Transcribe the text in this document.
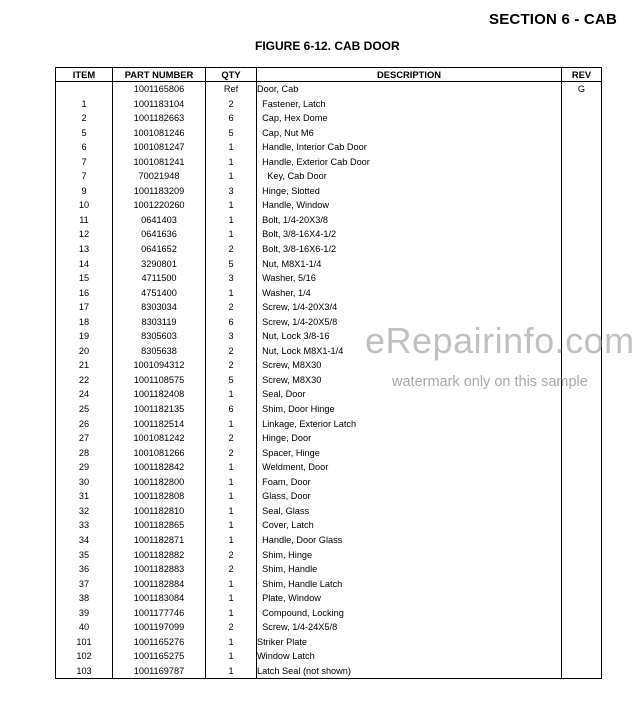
SECTION 6 - CAB
FIGURE 6-12. CAB DOOR
ITEM	PART NUMBER	QTY	DESCRIPTION	REV
	1001165806	Ref	Door, Cab	G
1	1001183104	2	Fastener, Latch	
2	1001182663	6	Cap, Hex Dome	
5	1001081246	5	Cap, Nut M6	
6	1001081247	1	Handle, Interior Cab Door	
7	1001081241	1	Handle, Exterior Cab Door	
7	70021948	1	Key, Cab Door	
9	1001183209	3	Hinge, Slotted	
10	1001220260	1	Handle, Window	
11	0641403	1	Bolt, 1/4-20X3/8	
12	0641636	1	Bolt, 3/8-16X4-1/2	
13	0641652	2	Bolt, 3/8-16X6-1/2	
14	3290801	5	Nut, M8X1-1/4	
15	4711500	3	Washer, 5/16	
16	4751400	1	Washer, 1/4	
17	8303034	2	Screw, 1/4-20X3/4	
18	8303119	6	Screw, 1/4-20X5/8	
19	8305603	3	Nut, Lock 3/8-16	
20	8305638	2	Nut, Lock M8X1-1/4	
21	1001094312	2	Screw, M8X30	
22	1001108575	5	Screw, M8X30	
24	1001182408	1	Seal, Door	
25	1001182135	6	Shim, Door Hinge	
26	1001182514	1	Linkage, Exterior Latch	
27	1001081242	2	Hinge, Door	
28	1001081266	2	Spacer, Hinge	
29	1001182842	1	Weldment, Door	
30	1001182800	1	Foam, Door	
31	1001182808	1	Glass, Door	
32	1001182810	1	Seal, Glass	
33	1001182865	1	Cover, Latch	
34	1001182871	1	Handle, Door Glass	
35	1001182882	2	Shim, Hinge	
36	1001182883	2	Shim, Handle	
37	1001182884	1	Shim, Handle Latch	
38	1001183084	1	Plate, Window	
39	1001177746	1	Compound, Locking	
40	1001197099	2	Screw, 1/4-24X5/8	
101	1001165276	1	Striker Plate	
102	1001165275	1	Window Latch	
103	1001169787	1	Latch Seal (not shown)	
eRepairinfo.com
watermark only on this sample
